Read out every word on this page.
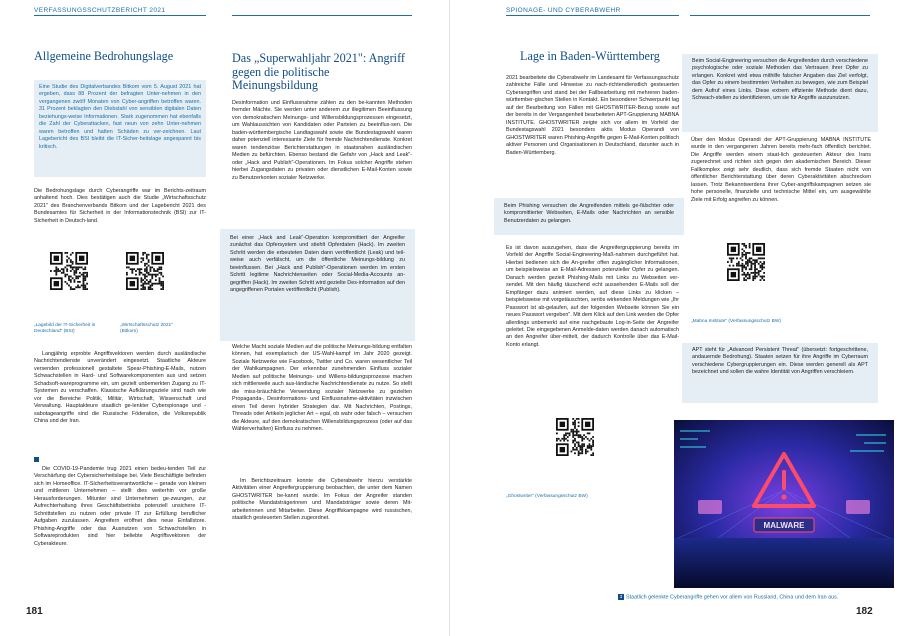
VERFASSUNGSSCHUTZBERICHT 2021
Allgemeine Bedrohungslage
Eine Studie des Digitalverbandes Bitkom vom 5. August 2021 hat ergeben, dass 88 Prozent der befragten Unter-nehmen in den vergangenen zwölf Monaten von Cyber-angriffen betroffen waren. 31 Prozent beklagten den Diebstahl von sensiblen digitalen Daten beziehungs-weise Informationen. Stark zugenommen hat ebenfalls die Zahl der Cyberattacken, fast neun von zehn Unter-nehmen waren betroffen und hatten Schäden zu ver-zeichnen. Laut Lagebericht des BSI bleibt die IT-Sicher-heitslage angespannt bis kritisch.
Die Bedrohungslage durch Cyberangriffe war im Berichts-zeitraum anhaltend hoch. Dies bestätigen auch die Studie „Wirtschaftsschutz 2021" des Branchenverbands Bitkom und der Lagebericht 2021 des Bundesamtes für Sicherheit in der Informationstechnik (BSI) zur IT-Sicherheit in Deutsch-land.
„Lagebild der IT-Sicherheit in Deutschland" (BSI)
„Wirtschaftsschutz 2021" (Bitkom)
Langjährig erprobte Angriffsvektoren werden durch ausländische Nachrichtendienste unverändert eingesetzt. Staatliche Akteure versenden professionell gestaltete Spear-Phishing-E-Mails, nutzen Schwachstellen in Hard- und Softwarekomponenten aus und setzen Schadsoft-wareprogramme ein, um gezielt unbemerkten Zugang zu IT-Systemen zu verschaffen. Klassische Aufklärungsziele sind nach wie vor die Bereiche Politik, Militär, Wirtschaft, Wissenschaft und Verwaltung. Hauptakteure staatlich ge-lenkter Cyberspionage und -sabotageangriffe sind die Russische Föderation, die Volksrepublik China und der Iran.
Die COVID-19-Pandemie trug 2021 einen bedeu-tenden Teil zur Verschärfung der Cybersicherheitslage bei. Viele Beschäftigte befinden sich im Homeoffice. IT-Sicherheitsverantwortliche – gerade von kleinen und mittleren Unternehmen – stellt dies weiterhin vor große Herausforderungen. Mitunter sind Unternehmen ge-zwungen, zur Aufrechterhaltung ihres Geschäftsbetriebs potenziell unsichere IT-Schnittstellen zu nutzen oder private IT zur Erfüllung beruflicher Aufgaben zuzulassen. Angreifern eröffnet dies neue Einfallstore. Phishing-Angriffe oder das Ausnutzen von Schwachstellen in Softwareprodukten sind hier beliebte Angriffsvektoren der Cyberakteure.
Das „Superwahljahr 2021": Angriff gegen die politische Meinungsbildung
Desinformation und Einflussnahme zählen zu den be-kannten Methoden fremder Mächte. Sie werden unter anderem zur illegitimen Beeinflussung von demokratischen Meinungs- und Willensbildungsprozessen eingesetzt, um Wahlaussichten von Kandidaten oder Parteien zu beeinflus-sen. Die baden-württembergische Landtagswahl sowie die Bundestagswahl waren daher potenziell interessante Ziele für fremde Nachrichtendienste. Konkret waren tendenziöse Berichterstattungen in staatsnahen ausländischen Medien zu befürchten. Ebenso bestand die Gefahr von „Hack and Leak"- oder „Hack and Publish"-Operationen. Im Fokus solcher Angriffe stehen hierbei Zugangsdaten zu privaten oder dienstlichen E-Mail-Konten sowie zu Benutzerkonten sozialer Netzwerke.
Bei einer „Hack and Leak"-Operation kompromittiert der Angreifer zunächst das Opfersystem und stiehlt Opferdaten (Hack). Im zweiten Schritt werden die erbeuteten Daten dann veröffentlicht (Leak) und teil-weise auch verfälscht, um die öffentliche Meinungs-bildung zu beeinflussen. Bei „Hack and Publish"-Operationen werden im ersten Schritt legitime Nachrichtenseiten oder Social-Media-Accounts an-gegriffen (Hack). Im zweiten Schritt wird gezielte Des-information auf den angegriffenen Portalen veröffentlicht (Publish).
Welche Macht soziale Medien auf die politische Meinungs-bildung entfalten können, hat exemplarisch der US-Wahl-kampf im Jahr 2020 gezeigt. Soziale Netzwerke wie Facebook, Twitter und Co. waren wesentlicher Teil der Wahlkampagnen. Der erkennbar zunehmenden Einfluss sozialer Medien auf politische Meinungs- und Willens-bildungsprozesse machen sich mittlerweile auch aus-ländische Nachrichtendienste zu nutze. So stellt die miss-bräuchliche Verwendung sozialer Netzwerke zu gezielten Propaganda-, Desinformations- und Einflussnahme-aktivitäten inzwischen einen Teil deren hybrider Strategien dar. Mit Nachrichten, Postings, Threads oder Artikeln jeglicher Art – egal, ob wahr oder falsch – versuchen die Akteure, auf den demokratischen Willensbildungsprozess (oder auf das Wählerverhalten) Einfluss zu nehmen.
Im Berichtszeitraum konnte die Cyberabwehr hierzu verstärkte Aktivitäten einer Angreifergruppierung beobachten, die unter dem Namen GHOSTWRITER be-kannt wurde. Im Fokus der Angreifer standen politische Mandatsträgerinnen und Mandatsträger sowie deren Mit-arbeiterinnen und Mitarbeiter. Diese Angriffskampagne wird russischen, staatlich gesteuerten Stellen zugeordnet.
181
SPIONAGE- UND CYBERABWEHR
Lage in Baden-Württemberg
2021 bearbeitete die Cyberabwehr im Landesamt für Verfassungsschutz zahlreiche Fälle und Hinweise zu nach-richtendienstlich gesteuerten Cyberangriffen und stand bei der Fallbearbeitung mit mehreren baden-württember-gischen Stellen in Kontakt. Ein besonderer Schwerpunkt lag auf der Bearbeitung von Fällen mit GHOSTWRITER-Bezug sowie auf der bereits in der Vergangenheit bearbeiteten APT-Gruppierung MABNA INSTITUTE. GHOSTWRITER zeigte sich vor allem im Vorfeld der Bundestagswahl 2021 besonders aktiv. Modus Operandi von GHOSTWRITER waren Phishing-Angriffe gegen E-Mail-Konten politisch aktiver Personen und Organisationen in Deutschland, darunter auch in Baden-Württemberg.
Beim Phishing versuchen die Angreifenden mittels ge-fälschter oder kompromittierter Webseiten, E-Mails oder Nachrichten an sensible Benutzerdaten zu gelangen.
Es ist davon auszugehen, dass die Angreifergruppierung bereits im Vorfeld der Angriffe Social-Engineering-Maß-nahmen durchgeführt hat. Hierbei bedienen sich die An-greifer offen zugänglicher Informationen, um beispielsweise an E-Mail-Adressen potenzieller Opfer zu gelangen. Danach werden gezielt Phishing-Mails mit Links zu Webseiten ver-sendet. Mit den häufig täuschend echt aussehenden E-Mails soll der Empfänger dazu animiert werden, auf diese Links zu klicken – beispielsweise mit vorgetäuschten, seriös wirkenden Meldungen wie „Ihr Passwort ist ab-gelaufen, auf der folgenden Webseite können Sie ein neues Passwort vergeben". Mit dem Klick auf den Link werden die Opfer allerdings unbemerkt auf eine nachgebaute Log-in-Seite der Angreifer geleitet. Die eingegebenen Anmelde-daten werden danach automatisch an den Angreifer über-mittelt, der dadurch Kontrolle über das E-Mail-Konto erlangt.
„Ghostwriter" (Verfassungsschutz BW)
Beim Social-Engineering versuchen die Angreifenden durch verschiedene psychologische oder soziale Methoden das Vertrauen ihrer Opfer zu erlangen. Konkret wird etwa mithilfe falscher Angaben das Ziel verfolgt, das Opfer zu einem bestimmten Verhalten zu bewegen, wie zum Beispiel dem Aufruf eines Links. Diese extrem effiziente Methode dient dazu, Schwach-stellen zu identifizieren, um sie für Angriffe auszunutzen.
Über den Modus Operandi der APT-Gruppierung MABNA INSTITUTE wurde in den vergangenen Jahren bereits mehr-fach öffentlich berichtet. Die Angriffe werden einem staat-lich gesteuerten Akteur des Irans zugerechnet und richten sich gegen den akademischen Bereich. Dieser Fallkomplex zeigt sehr deutlich, dass sich fremde Staaten nicht von öffentlicher Berichterstattung über deren Cyberaktivitäten abschrecken lassen. Trotz Bekanntwerdens ihrer Cyber-angriffskampagnen setzen sie hohe personelle, finanzielle und technische Mittel ein, um ausgewählte Ziele mit Erfolg angreifen zu können.
„Mabna Institute" (Verfassungsschutz BW)
APT steht für „Advanced Persistent Threat" (übersetzt: fortgeschrittene, andauernde Bedrohung). Staaten setzen für ihre Angriffe im Cyberraum verschiedene Cybergruppierungen ein. Diese werden generell als APT bezeichnet und sollen die wahre Identität von Angriffen verschleiern.
MALWARE
3 Staatlich gelenkte Cyberangriffe gehen vor allem von Russland, China und dem Iran aus.
182
